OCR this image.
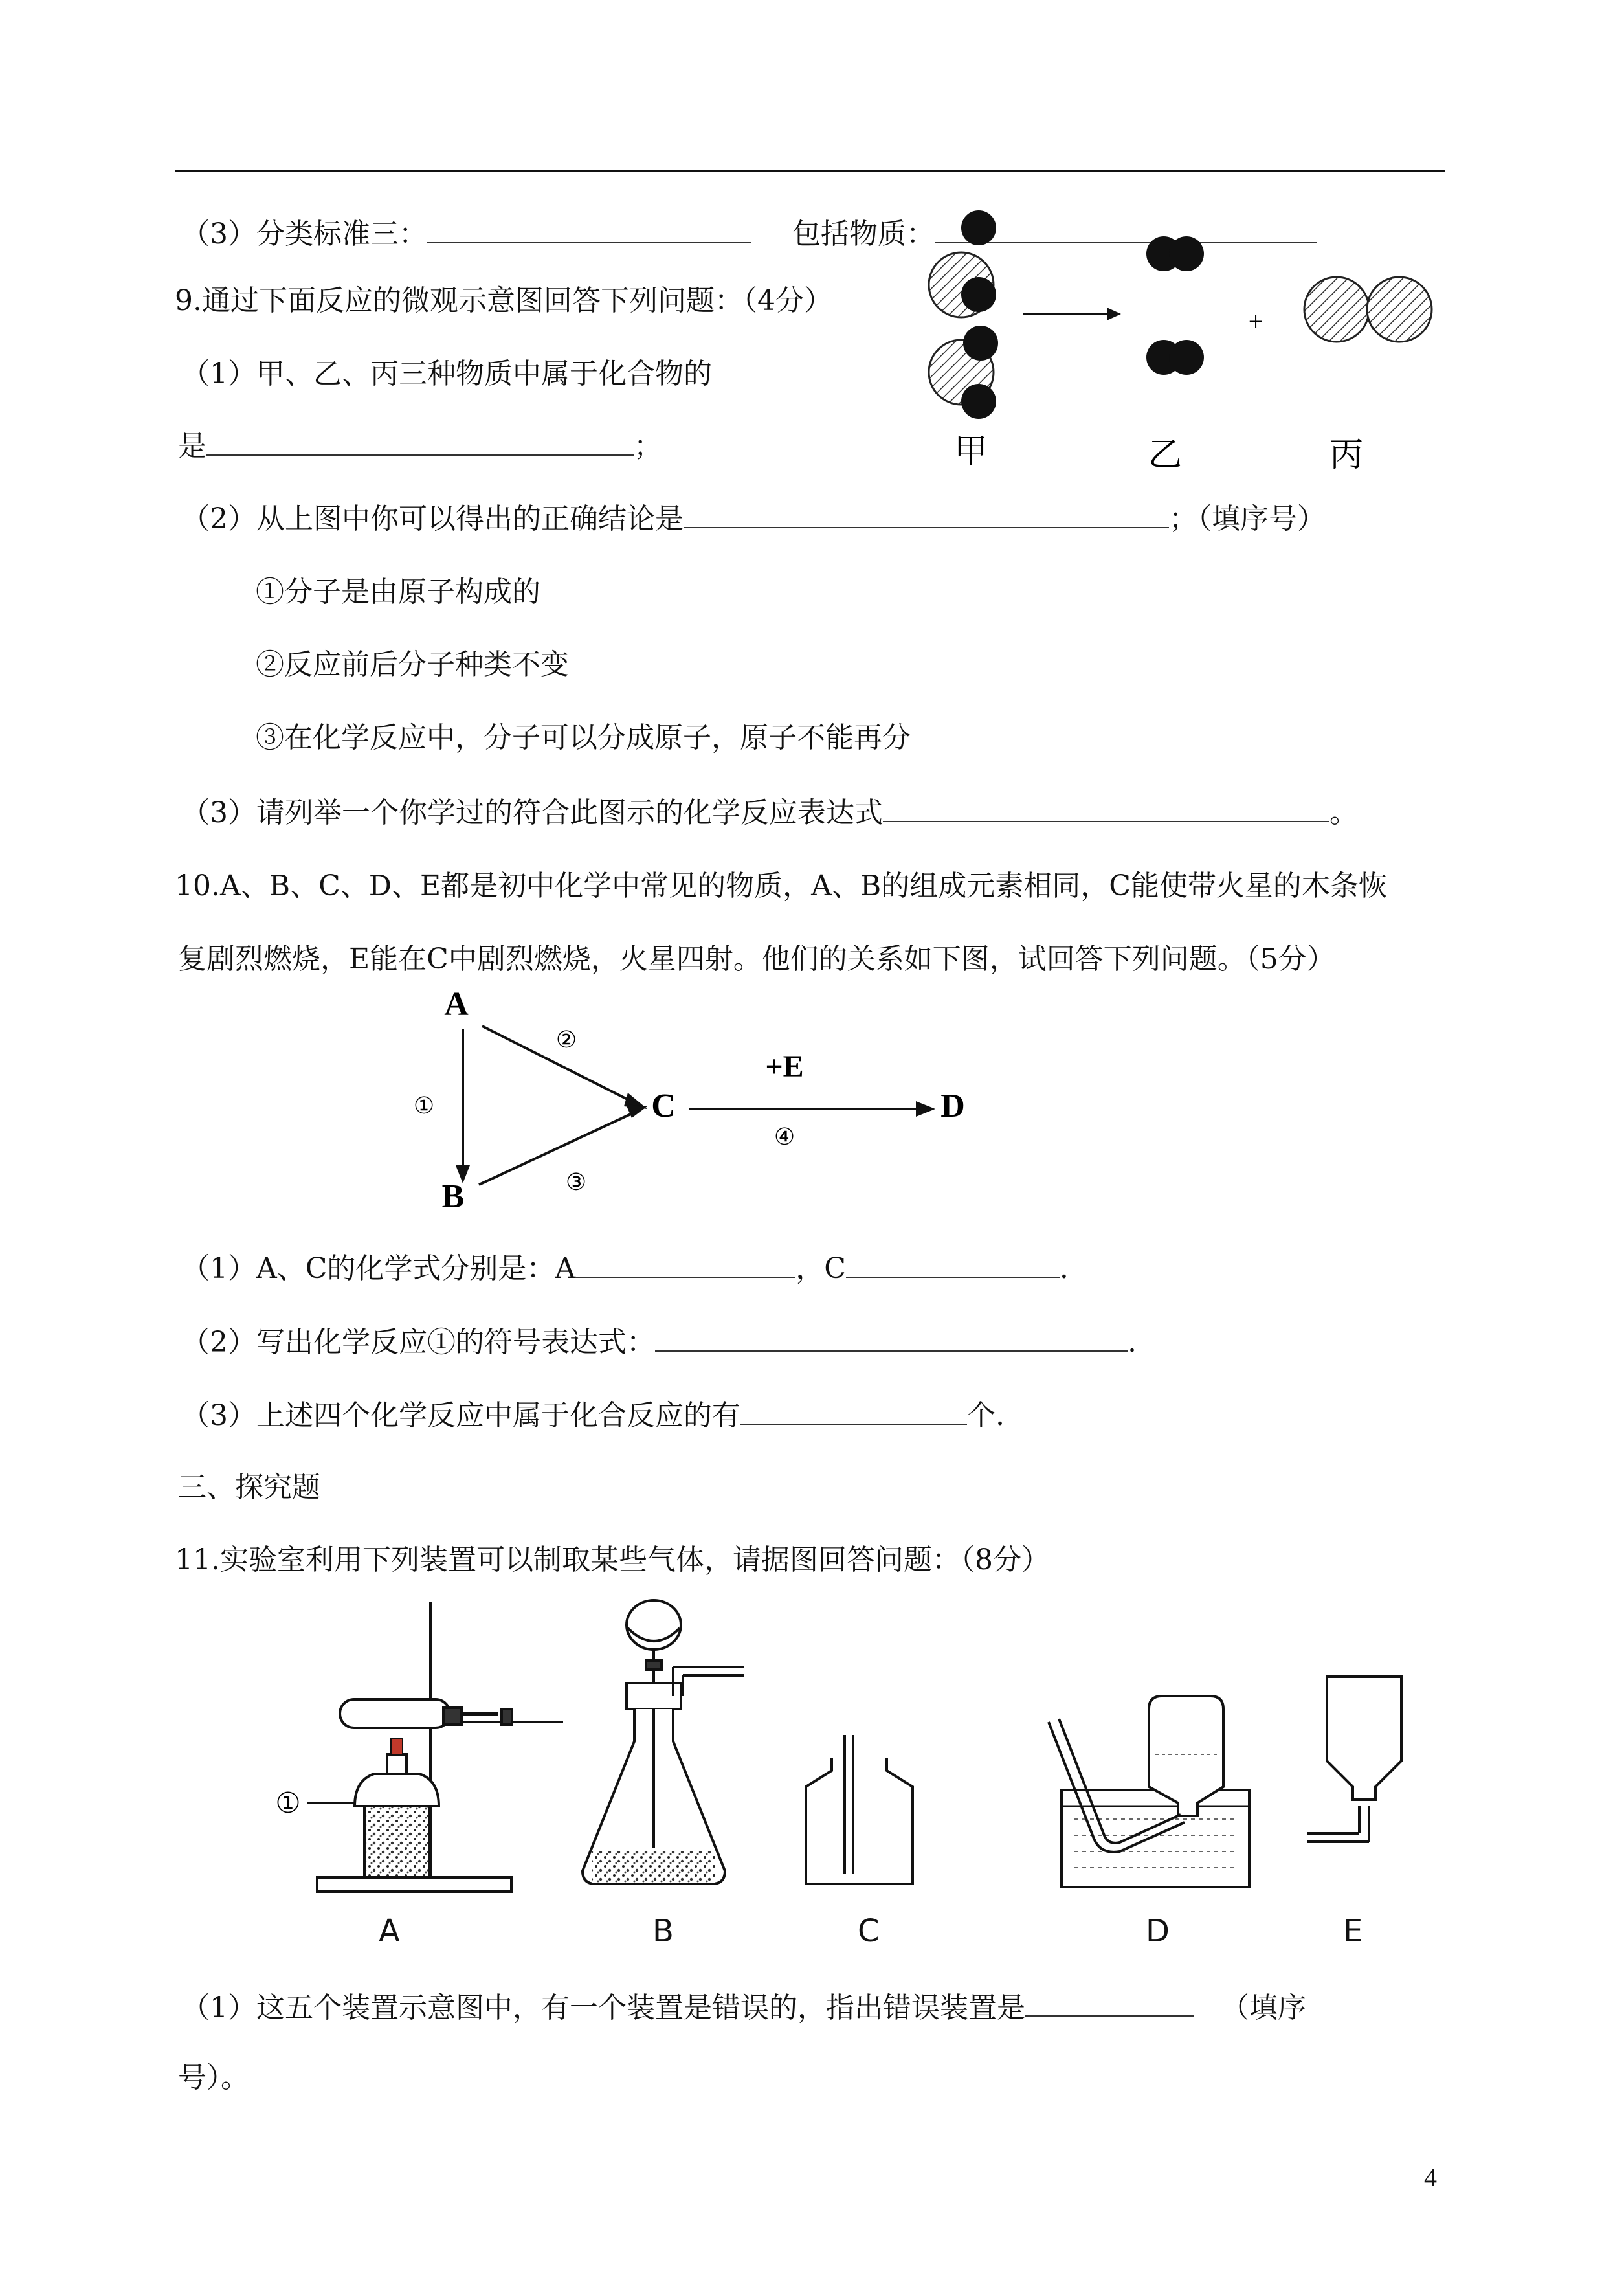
（3）分类标准三：	包括物质：
9.通过下面反应的微观示意图回答下列问题：（4分）
+
甲	乙	丙
（1）甲、乙、丙三种物质中属于化合物的
是	；
（2）从上图中你可以得出的正确结论是	；（填序号）
①分子是由原子构成的
②反应前后分子种类不变
③在化学反应中，分子可以分成原子，原子不能再分
（3）请列举一个你学过的符合此图示的化学反应表达式	。
10.A、B、C、D、E都是初中化学中常见的物质，A、B的组成元素相同，C能使带火星的木条恢
复剧烈燃烧，E能在C中剧烈燃烧，火星四射。他们的关系如下图，试回答下列问题。（5分）
A
B
C	D
+E
①
②
③
④
（1）A、C的化学式分别是：A	，C	.
（2）写出化学反应①的符号表达式：	.
（3）上述四个化学反应中属于化合反应的有	个.
三、探究题
11.实验室利用下列装置可以制取某些气体，请据图回答问题：（8分）
①
A	B	C	D	E
（1）这五个装置示意图中，有一个装置是错误的，指出错误装置是	（填序
号）。
4
